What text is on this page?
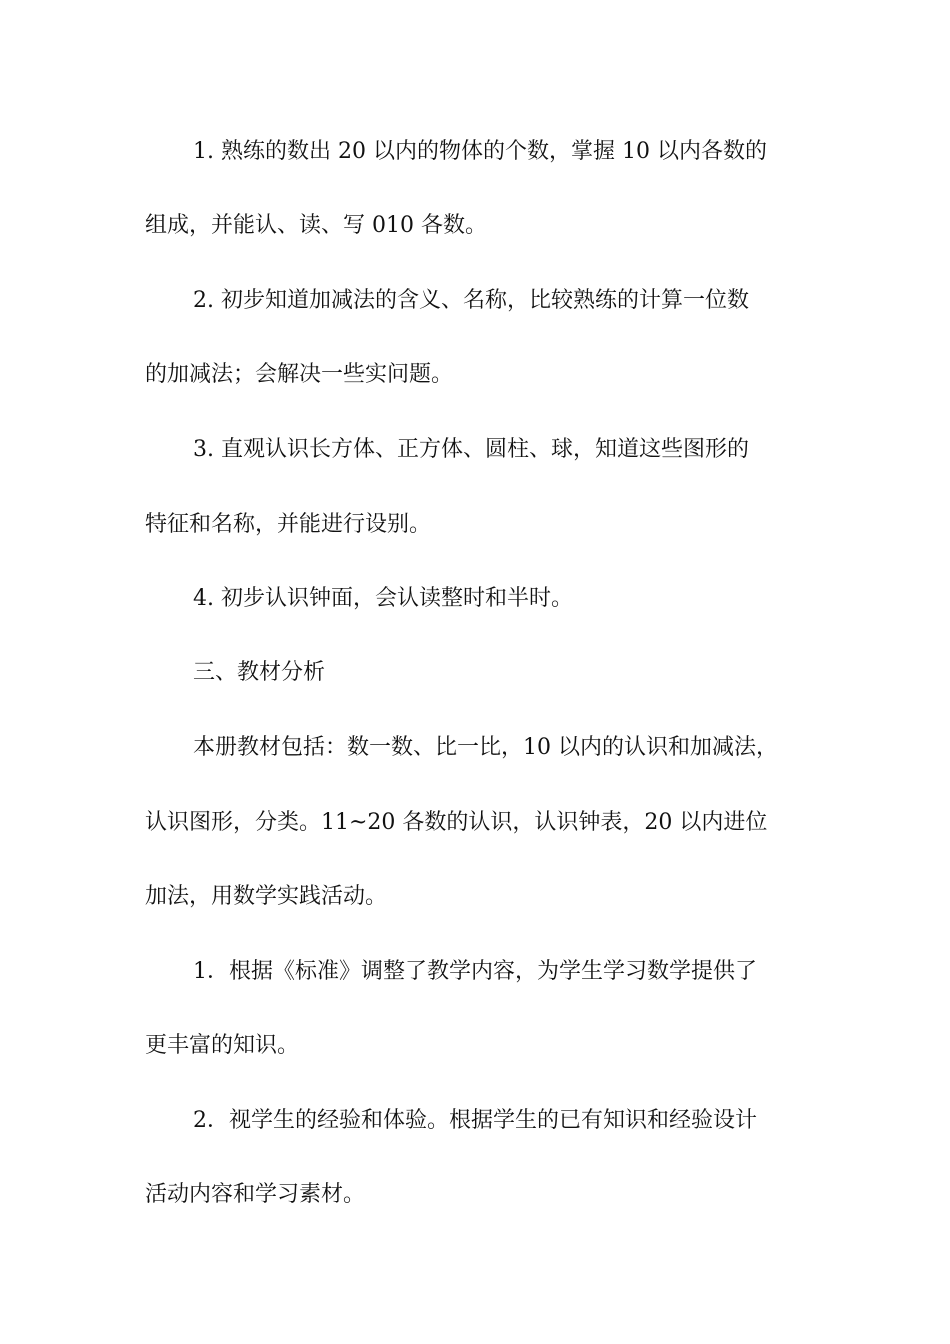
1. 熟练的数出 20 以内的物体的个数，掌握 10 以内各数的
组成，并能认、读、写 010 各数。
2. 初步知道加减法的含义、名称，比较熟练的计算一位数
的加减法；会解决一些实问题。
3. 直观认识长方体、正方体、圆柱、球，知道这些图形的
特征和名称，并能进行设别。
4. 初步认识钟面，会认读整时和半时。
三、教材分析
本册教材包括：数一数、比一比，10 以内的认识和加减法，
认识图形，分类。11~20 各数的认识，认识钟表，20 以内进位
加法，用数学实践活动。
1．根据《标准》调整了教学内容，为学生学习数学提供了
更丰富的知识。
2．视学生的经验和体验。根据学生的已有知识和经验设计
活动内容和学习素材。
